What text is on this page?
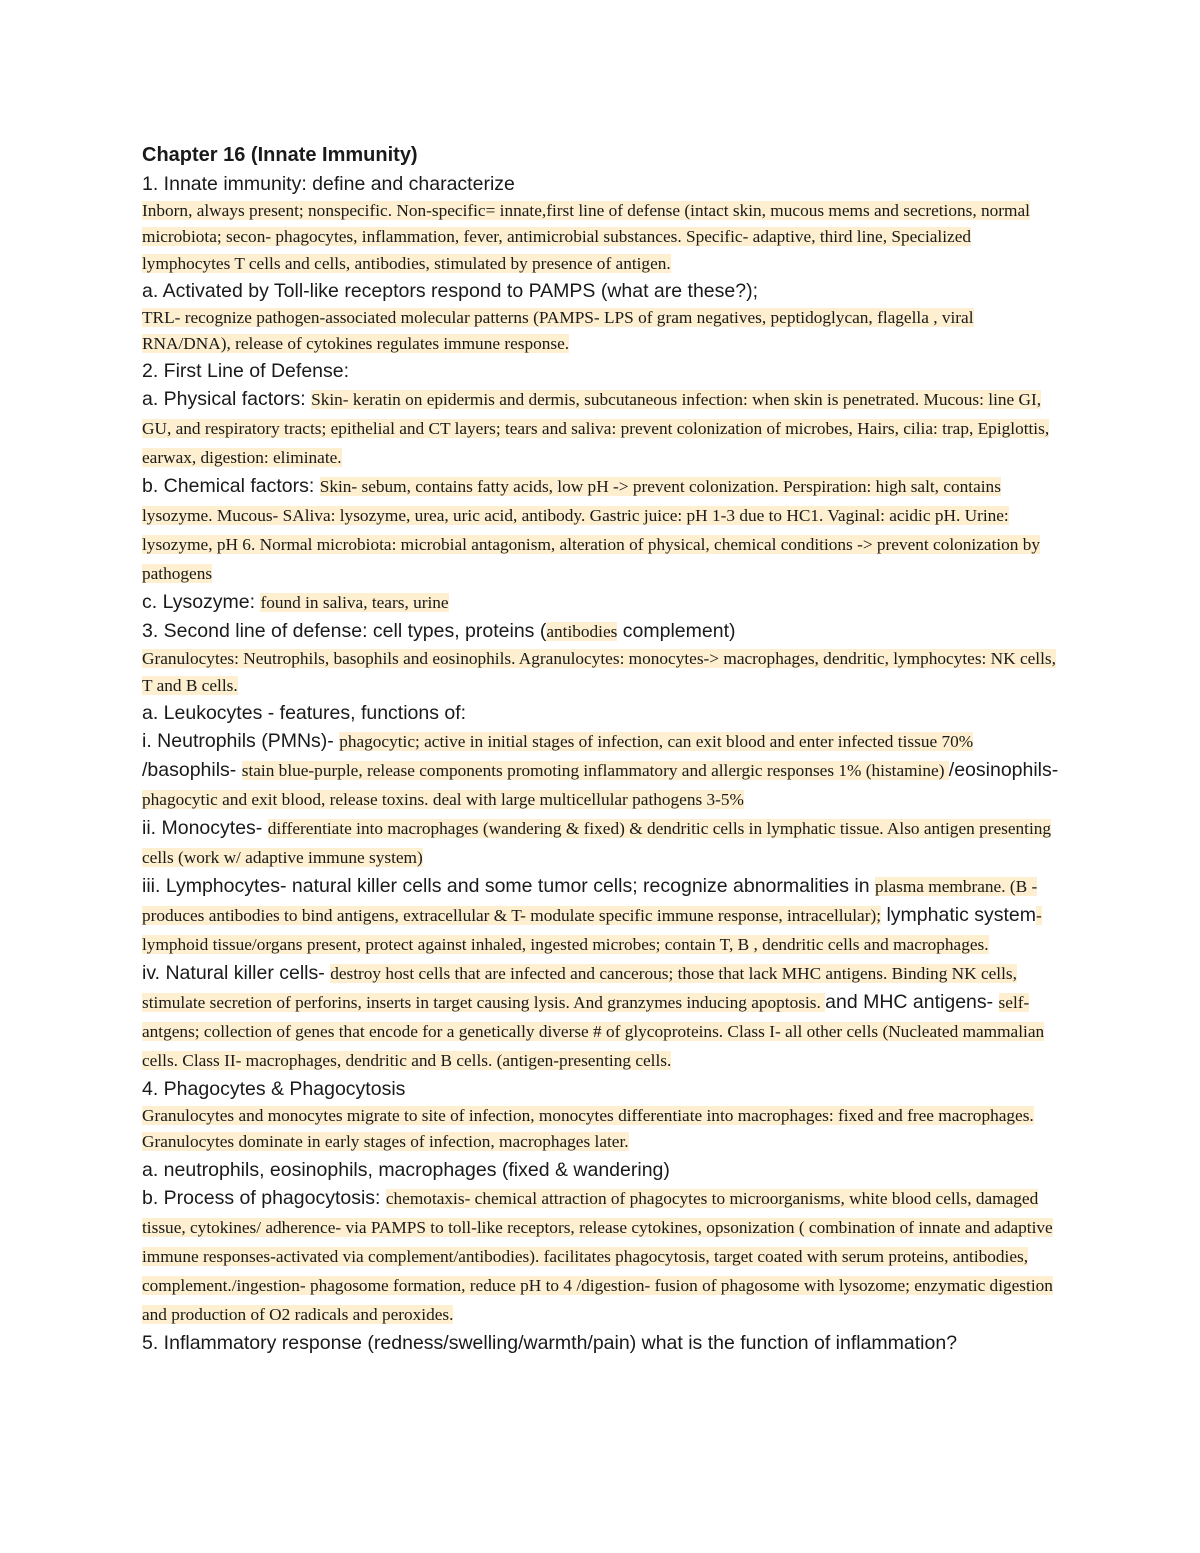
Chapter 16 (Innate Immunity)

1. Innate immunity: define and characterize

Inborn, always present; nonspecific. Non-specific= innate,first line of defense (intact skin, mucous mems and secretions, normal microbiota; secon- phagocytes, inflammation, fever, antimicrobial substances. Specific- adaptive, third line, Specialized lymphocytes T cells and cells, antibodies, stimulated by presence of antigen.

a. Activated by Toll-like receptors respond to PAMPS (what are these?);

TRL- recognize pathogen-associated molecular patterns (PAMPS- LPS of gram negatives, peptidoglycan, flagella , viral RNA/DNA), release of cytokines regulates immune response.

2. First Line of Defense:

a. Physical factors: Skin- keratin on epidermis and dermis, subcutaneous infection: when skin is penetrated. Mucous: line GI, GU, and respiratory tracts; epithelial and CT layers; tears and saliva: prevent colonization of microbes, Hairs, cilia: trap, Epiglottis, earwax, digestion: eliminate.

b. Chemical factors: Skin- sebum, contains fatty acids, low pH -> prevent colonization. Perspiration: high salt, contains lysozyme. Mucous- SAliva: lysozyme, urea, uric acid, antibody. Gastric juice: pH 1-3 due to HC1. Vaginal: acidic pH. Urine: lysozyme, pH 6. Normal microbiota: microbial antagonism, alteration of physical, chemical conditions -> prevent colonization by pathogens

c. Lysozyme: found in saliva, tears, urine

3. Second line of defense: cell types, proteins (antibodies complement)

Granulocytes: Neutrophils, basophils and eosinophils. Agranulocytes: monocytes-> macrophages, dendritic, lymphocytes: NK cells, T and B cells.

a. Leukocytes - features, functions of:

i. Neutrophils (PMNs)- phagocytic; active in initial stages of infection, can exit blood and enter infected tissue 70% /basophils- stain blue-purple, release components promoting inflammatory and allergic responses 1% (histamine) /eosinophils- phagocytic and exit blood, release toxins. deal with large multicellular pathogens 3-5%

ii. Monocytes- differentiate into macrophages (wandering & fixed) & dendritic cells in lymphatic tissue. Also antigen presenting cells (work w/ adaptive immune system)

iii. Lymphocytes- natural killer cells and some tumor cells; recognize abnormalities in plasma membrane. (B - produces antibodies to bind antigens, extracellular & T- modulate specific immune response, intracellular); lymphatic system- lymphoid tissue/organs present, protect against inhaled, ingested microbes; contain T, B , dendritic cells and macrophages.

iv. Natural killer cells- destroy host cells that are infected and cancerous; those that lack MHC antigens. Binding NK cells, stimulate secretion of perforins, inserts in target causing lysis. And granzymes inducing apoptosis. and MHC antigens- self-antgens; collection of genes that encode for a genetically diverse # of glycoproteins. Class I- all other cells (Nucleated mammalian cells. Class II- macrophages, dendritic and B cells. (antigen-presenting cells.

4. Phagocytes & Phagocytosis

Granulocytes and monocytes migrate to site of infection, monocytes differentiate into macrophages: fixed and free macrophages. Granulocytes dominate in early stages of infection, macrophages later.

a. neutrophils, eosinophils, macrophages (fixed & wandering)

b. Process of phagocytosis: chemotaxis- chemical attraction of phagocytes to microorganisms, white blood cells, damaged tissue, cytokines/ adherence- via PAMPS to toll-like receptors, release cytokines, opsonization ( combination of innate and adaptive immune responses-activated via complement/antibodies). facilitates phagocytosis, target coated with serum proteins, antibodies, complement./ingestion- phagosome formation, reduce pH to 4 /digestion- fusion of phagosome with lysozome; enzymatic digestion and production of O2 radicals and peroxides.

5. Inflammatory response (redness/swelling/warmth/pain) what is the function of inflammation?
